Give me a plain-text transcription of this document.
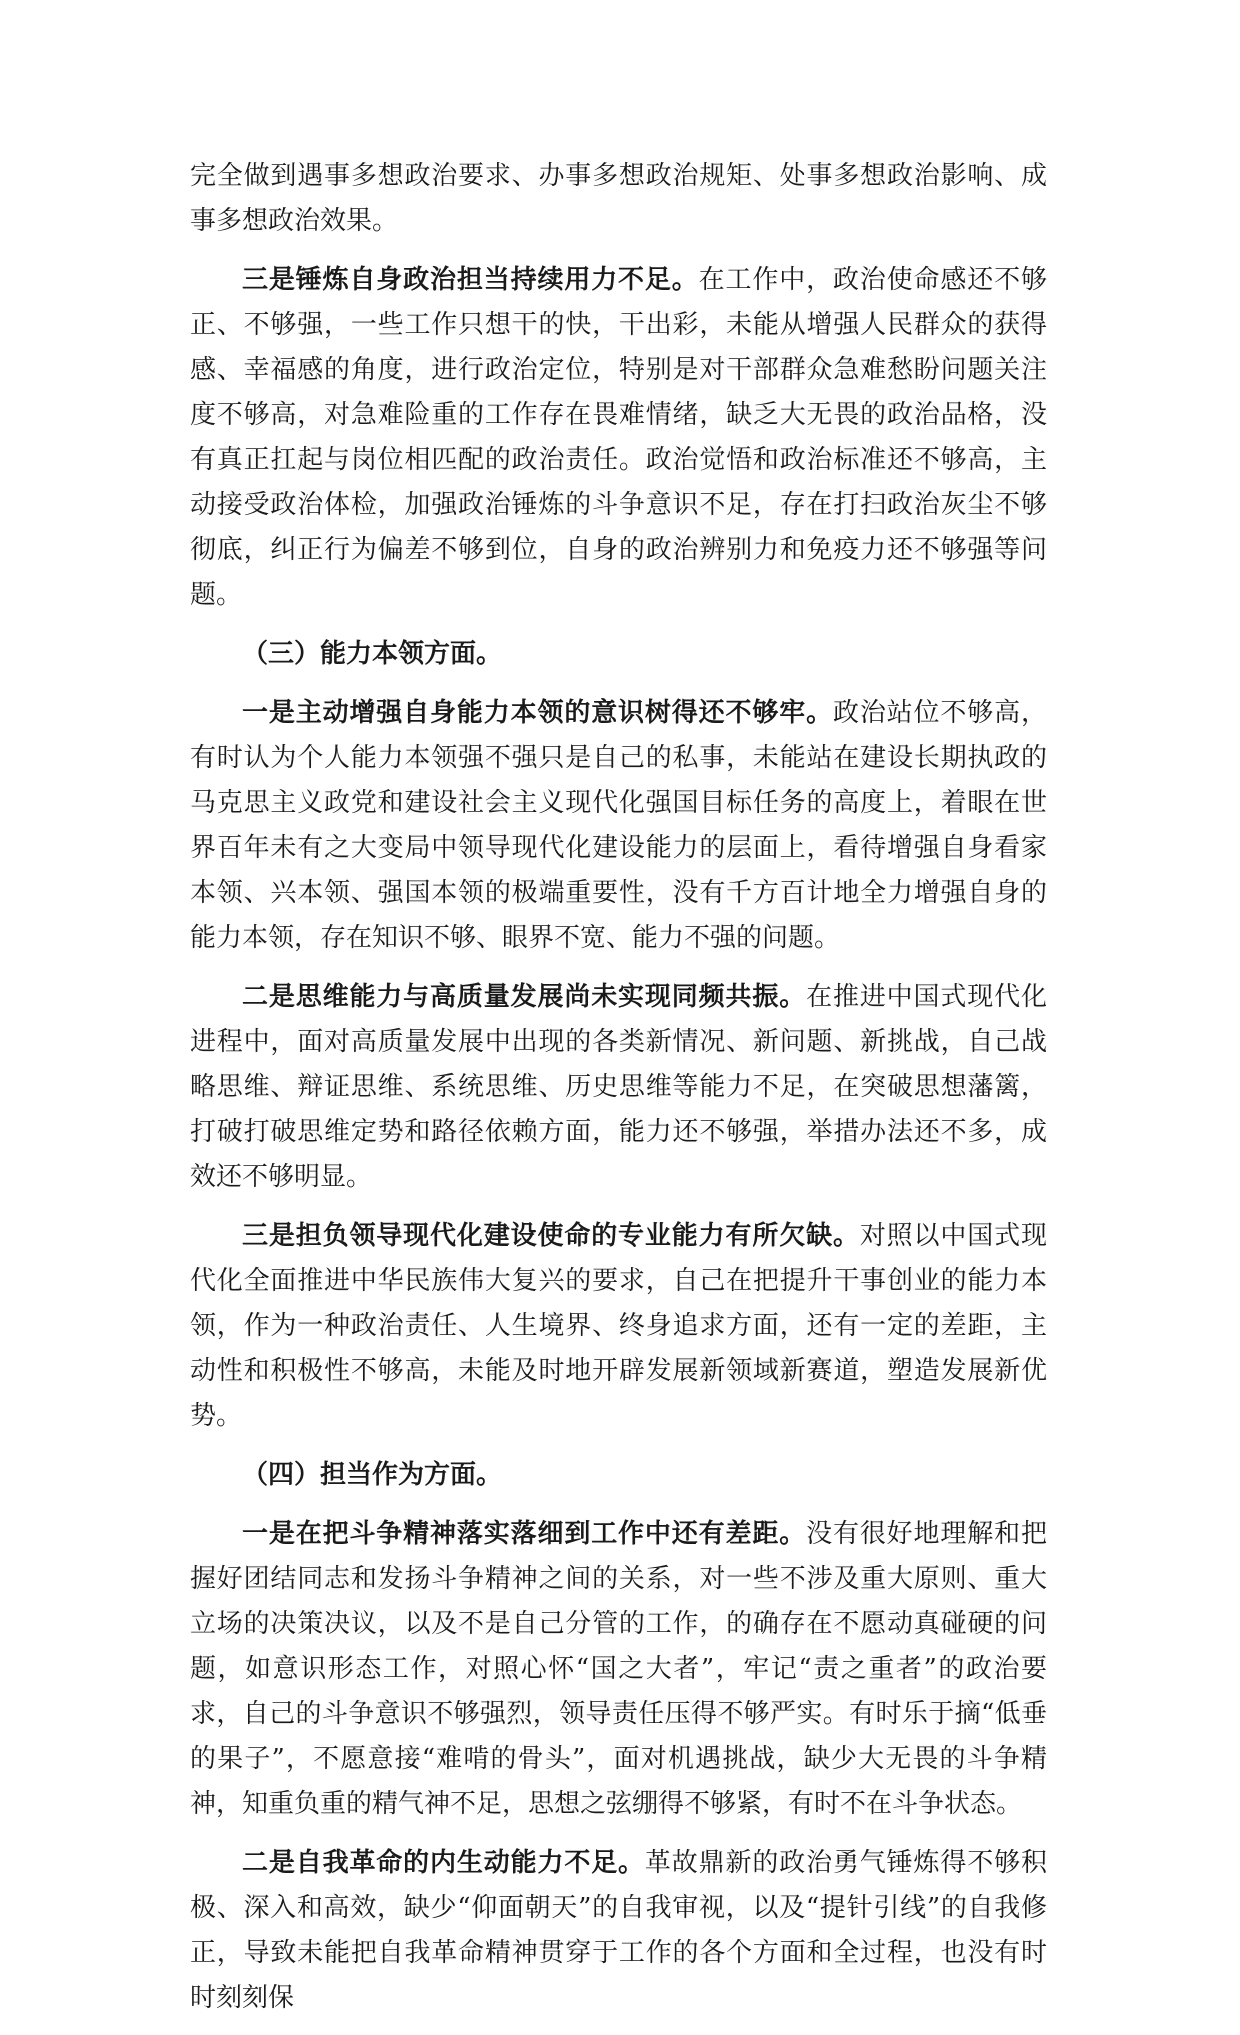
完全做到遇事多想政治要求、办事多想政治规矩、处事多想政治影响、成事多想政治效果。

三是锤炼自身政治担当持续用力不足。在工作中，政治使命感还不够正、不够强，一些工作只想干的快，干出彩，未能从增强人民群众的获得感、幸福感的角度，进行政治定位，特别是对干部群众急难愁盼问题关注度不够高，对急难险重的工作存在畏难情绪，缺乏大无畏的政治品格，没有真正扛起与岗位相匹配的政治责任。政治觉悟和政治标准还不够高，主动接受政治体检，加强政治锤炼的斗争意识不足，存在打扫政治灰尘不够彻底，纠正行为偏差不够到位，自身的政治辨别力和免疫力还不够强等问题。

（三）能力本领方面。

一是主动增强自身能力本领的意识树得还不够牢。政治站位不够高，有时认为个人能力本领强不强只是自己的私事，未能站在建设长期执政的马克思主义政党和建设社会主义现代化强国目标任务的高度上，着眼在世界百年未有之大变局中领导现代化建设能力的层面上，看待增强自身看家本领、兴本领、强国本领的极端重要性，没有千方百计地全力增强自身的能力本领，存在知识不够、眼界不宽、能力不强的问题。

二是思维能力与高质量发展尚未实现同频共振。在推进中国式现代化进程中，面对高质量发展中出现的各类新情况、新问题、新挑战，自己战略思维、辩证思维、系统思维、历史思维等能力不足，在突破思想藩篱，打破打破思维定势和路径依赖方面，能力还不够强，举措办法还不多，成效还不够明显。

三是担负领导现代化建设使命的专业能力有所欠缺。对照以中国式现代化全面推进中华民族伟大复兴的要求，自己在把提升干事创业的能力本领，作为一种政治责任、人生境界、终身追求方面，还有一定的差距，主动性和积极性不够高，未能及时地开辟发展新领域新赛道，塑造发展新优势。

（四）担当作为方面。

一是在把斗争精神落实落细到工作中还有差距。没有很好地理解和把握好团结同志和发扬斗争精神之间的关系，对一些不涉及重大原则、重大立场的决策决议，以及不是自己分管的工作，的确存在不愿动真碰硬的问题，如意识形态工作，对照心怀“国之大者”，牢记“责之重者”的政治要求，自己的斗争意识不够强烈，领导责任压得不够严实。有时乐于摘“低垂的果子”，不愿意接“难啃的骨头”，面对机遇挑战，缺少大无畏的斗争精神，知重负重的精气神不足，思想之弦绷得不够紧，有时不在斗争状态。

二是自我革命的内生动能力不足。革故鼎新的政治勇气锤炼得不够积极、深入和高效，缺少“仰面朝天”的自我审视，以及“提针引线”的自我修正，导致未能把自我革命精神贯穿于工作的各个方面和全过程，也没有时时刻刻保
